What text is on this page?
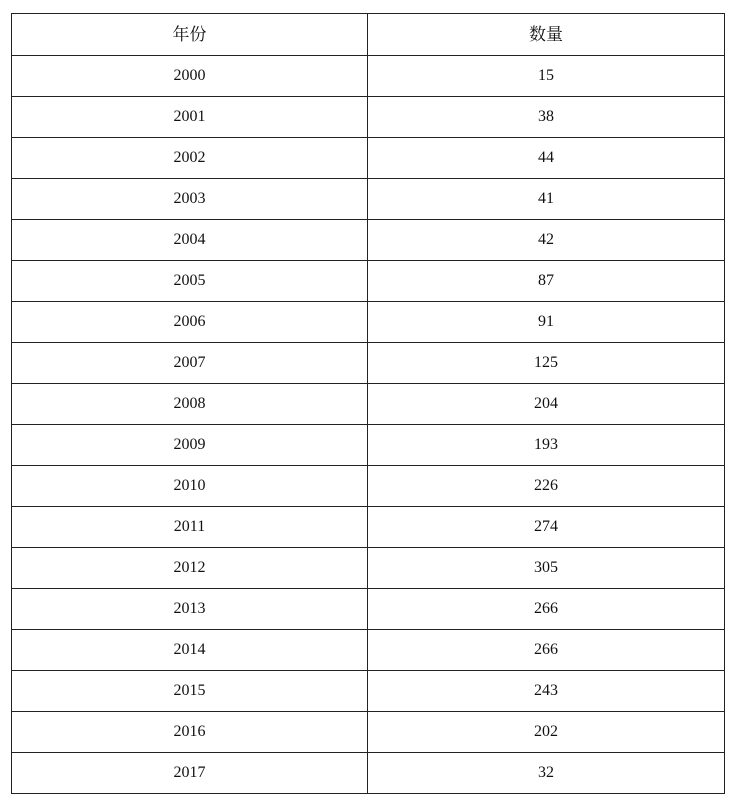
年份	数量
2000	15
2001	38
2002	44
2003	41
2004	42
2005	87
2006	91
2007	125
2008	204
2009	193
2010	226
2011	274
2012	305
2013	266
2014	266
2015	243
2016	202
2017	32
